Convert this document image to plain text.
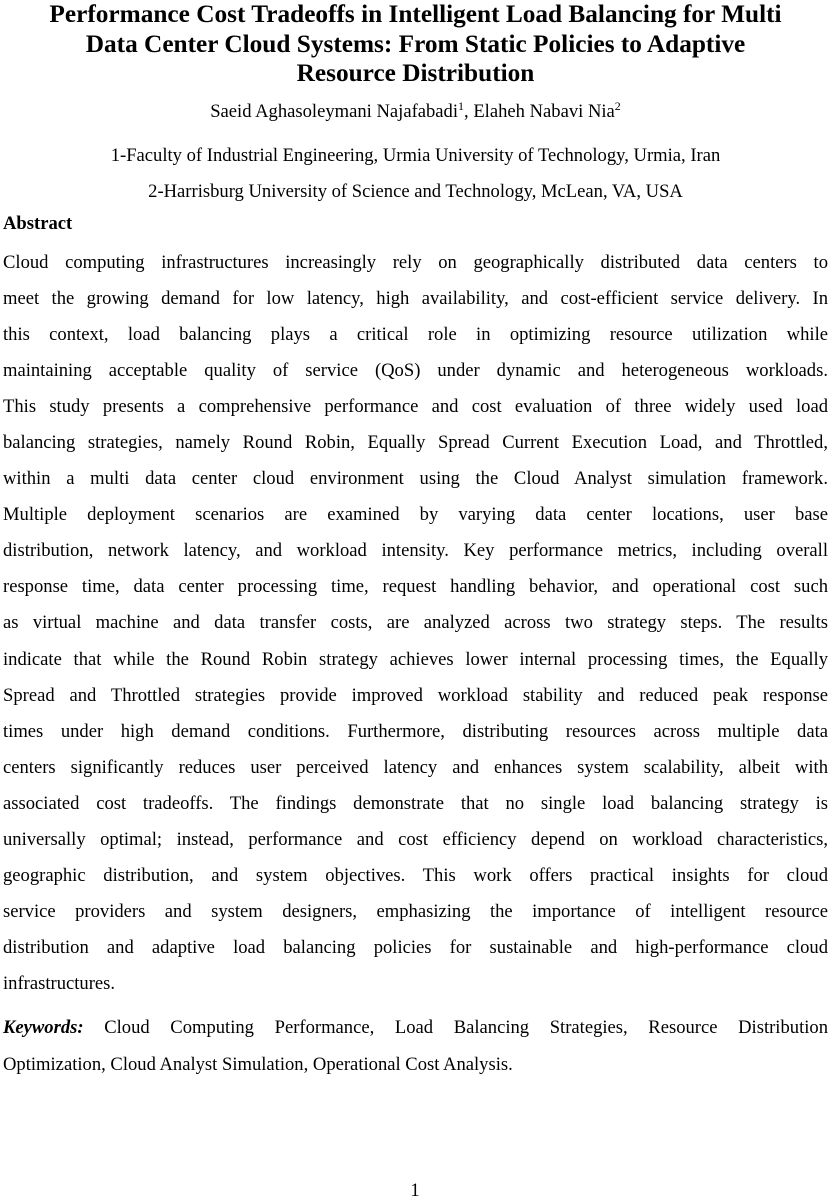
Performance Cost Tradeoffs in Intelligent Load Balancing for Multi
Data Center Cloud Systems: From Static Policies to Adaptive
Resource Distribution
Saeid Aghasoleymani Najafabadi$^1$, Elaheh Nabavi Nia$^2$
1-Faculty of Industrial Engineering, Urmia University of Technology, Urmia, Iran
2-Harrisburg University of Science and Technology, McLean, VA, USA
Abstract
Cloud computing infrastructures increasingly rely on geographically distributed data centers to
meet the growing demand for low latency, high availability, and cost-efficient service delivery. In
this context, load balancing plays a critical role in optimizing resource utilization while
maintaining acceptable quality of service (QoS) under dynamic and heterogeneous workloads.
This study presents a comprehensive performance and cost evaluation of three widely used load
balancing strategies, namely Round Robin, Equally Spread Current Execution Load, and Throttled,
within a multi data center cloud environment using the Cloud Analyst simulation framework.
Multiple deployment scenarios are examined by varying data center locations, user base
distribution, network latency, and workload intensity. Key performance metrics, including overall
response time, data center processing time, request handling behavior, and operational cost such
as virtual machine and data transfer costs, are analyzed across two strategy steps. The results
indicate that while the Round Robin strategy achieves lower internal processing times, the Equally
Spread and Throttled strategies provide improved workload stability and reduced peak response
times under high demand conditions. Furthermore, distributing resources across multiple data
centers significantly reduces user perceived latency and enhances system scalability, albeit with
associated cost tradeoffs. The findings demonstrate that no single load balancing strategy is
universally optimal; instead, performance and cost efficiency depend on workload characteristics,
geographic distribution, and system objectives. This work offers practical insights for cloud
service providers and system designers, emphasizing the importance of intelligent resource
distribution and adaptive load balancing policies for sustainable and high-performance cloud
infrastructures.
Keywords: Cloud Computing Performance, Load Balancing Strategies, Resource Distribution
Optimization, Cloud Analyst Simulation, Operational Cost Analysis.
1
